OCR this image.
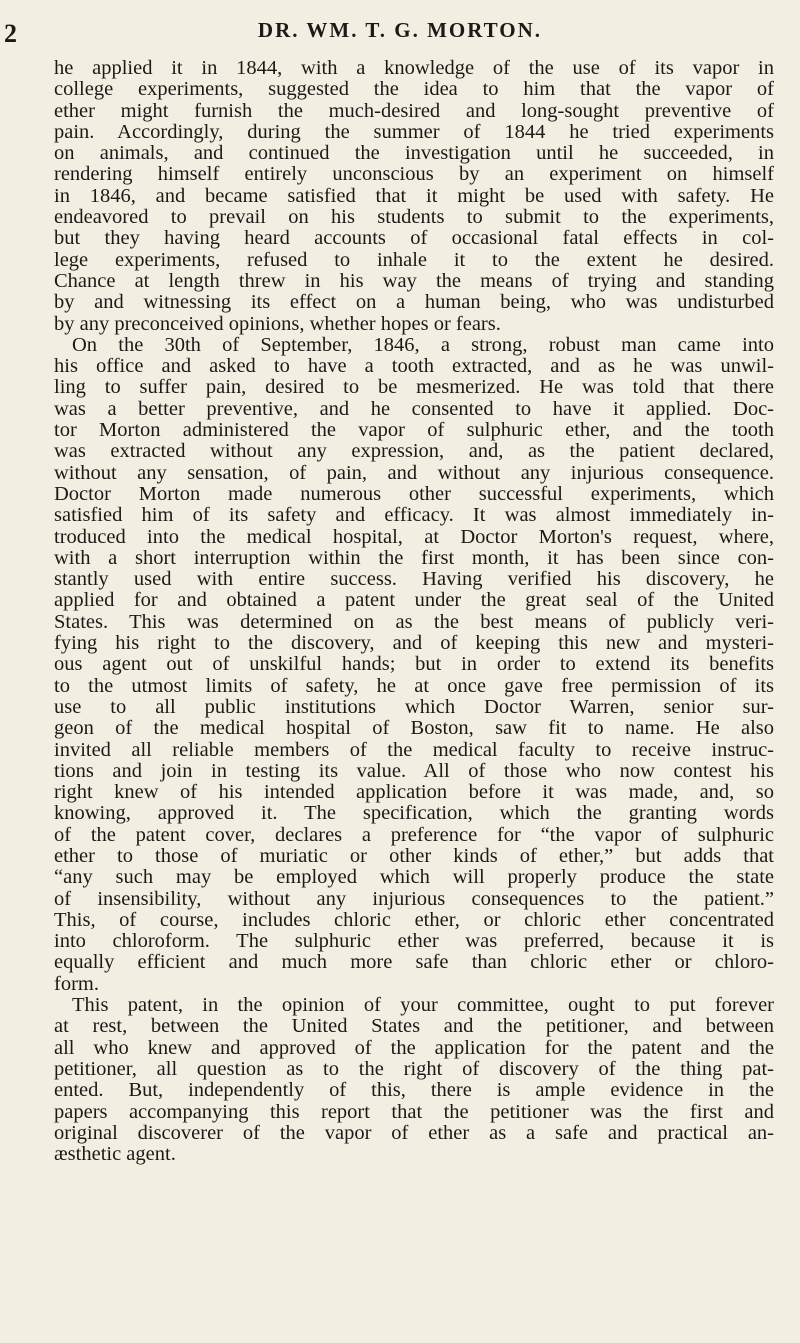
2	DR. WM. T. G. MORTON.
he applied it in 1844, with a knowledge of the use of its vapor in
college experiments, suggested the idea to him that the vapor of
ether might furnish the much-desired and long-sought preventive of
pain. Accordingly, during the summer of 1844 he tried experiments
on animals, and continued the investigation until he succeeded, in
rendering himself entirely unconscious by an experiment on himself
in 1846, and became satisfied that it might be used with safety. He
endeavored to prevail on his students to submit to the experiments,
but they having heard accounts of occasional fatal effects in col-
lege experiments, refused to inhale it to the extent he desired.
Chance at length threw in his way the means of trying and standing
by and witnessing its effect on a human being, who was undisturbed
by any preconceived opinions, whether hopes or fears.
On the 30th of September, 1846, a strong, robust man came into
his office and asked to have a tooth extracted, and as he was unwil-
ling to suffer pain, desired to be mesmerized. He was told that there
was a better preventive, and he consented to have it applied. Doc-
tor Morton administered the vapor of sulphuric ether, and the tooth
was extracted without any expression, and, as the patient declared,
without any sensation, of pain, and without any injurious consequence.
Doctor Morton made numerous other successful experiments, which
satisfied him of its safety and efficacy. It was almost immediately in-
troduced into the medical hospital, at Doctor Morton's request, where,
with a short interruption within the first month, it has been since con-
stantly used with entire success. Having verified his discovery, he
applied for and obtained a patent under the great seal of the United
States. This was determined on as the best means of publicly veri-
fying his right to the discovery, and of keeping this new and mysteri-
ous agent out of unskilful hands; but in order to extend its benefits
to the utmost limits of safety, he at once gave free permission of its
use to all public institutions which Doctor Warren, senior sur-
geon of the medical hospital of Boston, saw fit to name. He also
invited all reliable members of the medical faculty to receive instruc-
tions and join in testing its value. All of those who now contest his
right knew of his intended application before it was made, and, so
knowing, approved it. The specification, which the granting words
of the patent cover, declares a preference for “the vapor of sulphuric
ether to those of muriatic or other kinds of ether,” but adds that
“any such may be employed which will properly produce the state
of insensibility, without any injurious consequences to the patient.”
This, of course, includes chloric ether, or chloric ether concentrated
into chloroform. The sulphuric ether was preferred, because it is
equally efficient and much more safe than chloric ether or chloro-
form.
This patent, in the opinion of your committee, ought to put forever
at rest, between the United States and the petitioner, and between
all who knew and approved of the application for the patent and the
petitioner, all question as to the right of discovery of the thing pat-
ented. But, independently of this, there is ample evidence in the
papers accompanying this report that the petitioner was the first and
original discoverer of the vapor of ether as a safe and practical an-
æsthetic agent.
